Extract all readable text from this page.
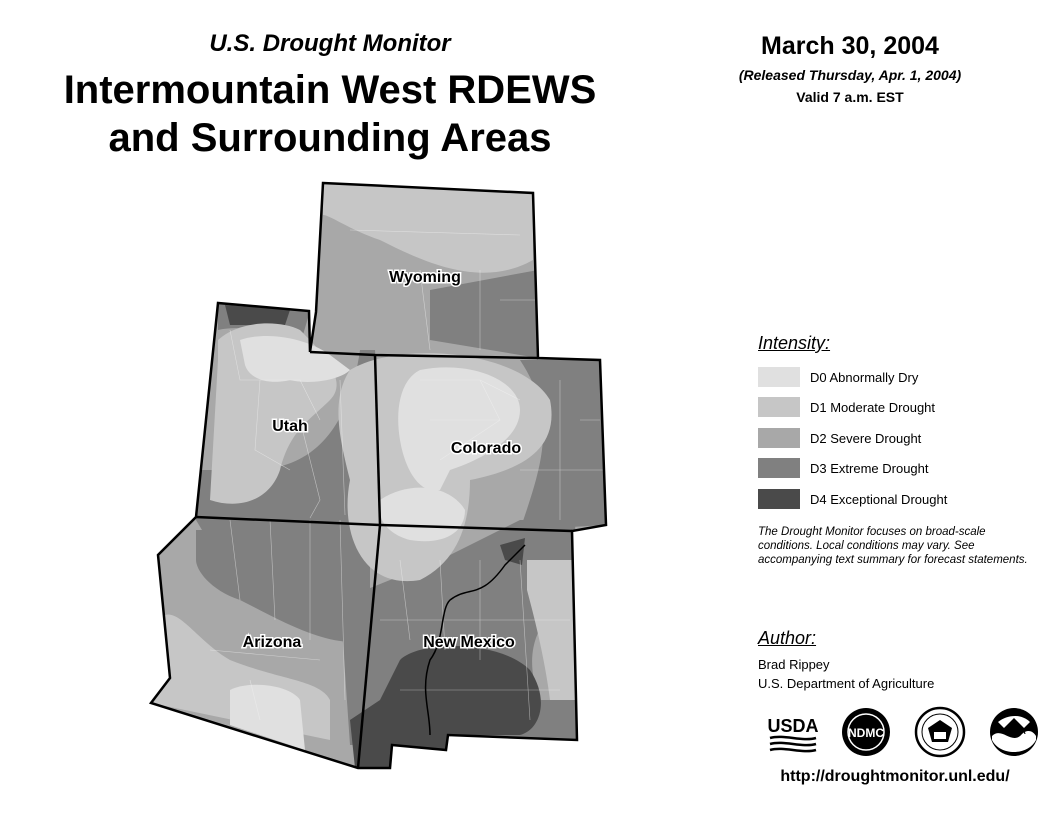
U.S. Drought Monitor
Intermountain West RDEWS
and Surrounding Areas
March 30, 2004
(Released Thursday, Apr. 1, 2004)
Valid 7 a.m. EST
Wyoming
Utah
Colorado
Arizona	New Mexico
Intensity:
D0 Abnormally Dry
D1 Moderate Drought
D2 Severe Drought
D3 Extreme Drought
D4 Exceptional Drought
The Drought Monitor focuses on broad-scale conditions. Local conditions may vary. See accompanying text summary for forecast statements.
Author:
Brad Rippey
U.S. Department of Agriculture
USDA NDMC	NOAA
http://droughtmonitor.unl.edu/
